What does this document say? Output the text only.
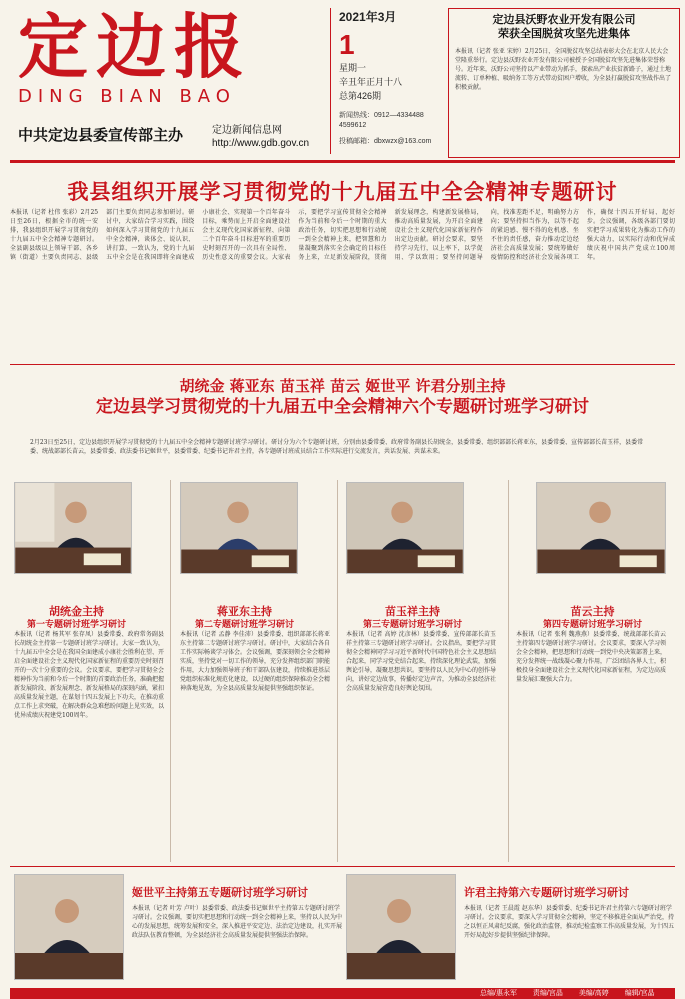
定边报
DING BIAN BAO
中共定边县委宣传部主办	定边新闻信息网
http://www.gdb.gov.cn
2021年3月
1
星期一
辛丑年正月十八
总第426期
新闻热线：0912—4334488 4599612
投稿邮箱：dbxwzx@163.com
定边县沃野农业开发有限公司
荣获全国脱贫攻坚先进集体

本报讯（记者 张亚 宋婷）2月25日，全国脱贫攻坚总结表彰大会在北京人民大会堂隆重举行。定边县沃野农业开发有限公司被授予全国脱贫攻坚先进集体荣誉称号。近年来，沃野公司坚持以产业带动为抓手，探索出产业扶贫新路子，通过土地流转、订单种植、吸纳务工等方式带动贫困户增收，为全县打赢脱贫攻坚战作出了积极贡献。

我县组织开展学习贯彻党的十九届五中全会精神专题研讨
本报讯（记者 杜伟 张彩）2月25日至26日，根据全市的统一安排，我县组织开展学习贯彻党的十九届五中全会精神专题研讨。全县副县级以上领导干部、各乡镇（街道）主要负责同志、县级部门主要负责同志参加研讨。研讨中，大家结合学习实践，围绕如何深入学习贯彻党的十九届五中全会精神，谈体会、说认识、讲打算，一致认为，党的十九届五中全会是在我国即将全面建成小康社会、实现第一个百年奋斗目标，乘势而上开启全面建设社会主义现代化国家新征程、向第二个百年奋斗目标进军的重要历史时刻召开的一次具有全局性、历史性意义的重要会议。大家表示，要把学习宣传贯彻全会精神作为当前和今后一个时期的重大政治任务，切实把思想和行动统一到全会精神上来，把智慧和力量凝聚到落实全会确定的目标任务上来，立足新发展阶段，贯彻新发展理念，构建新发展格局，推动高质量发展，为开启全面建设社会主义现代化国家新征程作出定边贡献。研讨会要求，要坚持学习先行，以上率下，以学促用、学以致用；要坚持问题导向，找准差距不足，明确努力方向；要坚持担当作为，以等不起的紧迫感、慢不得的危机感、坐不住的责任感，奋力推动定边经济社会高质量发展；要统筹做好疫情防控和经济社会发展各项工作，确保十四五开好局、起好步。会议强调，各级各部门要切实把学习成果转化为推动工作的强大动力，以实际行动和优异成绩庆祝中国共产党成立100周年。
胡统金 蒋亚东 苗玉祥 苗云 姬世平 许君分别主持
定边县学习贯彻党的十九届五中全会精神六个专题研讨班学习研讨
2月23日至25日，定边县组织开展学习贯彻党的十九届五中全会精神专题研讨班学习研讨。研讨分为六个专题研讨班，分别由县委常委、政府常务副县长胡统金，县委常委、组织部部长蒋亚东，县委常委、宣传部部长苗玉祥，县委常委、统战部部长苗云，县委常委、政法委书记姬世平，县委常委、纪委书记许君主持，各专题研讨班成员结合工作实际进行交流发言，共话发展、共谋未来。
胡统金主持
第一专题研讨班学习研讨
蒋亚东主持
第二专题研讨班学习研讨
苗玉祥主持
第三专题研讨班学习研讨
苗云主持
第四专题研讨班学习研讨
本报讯（记者 杨其军 张存凤）县委常委、政府常务副县长胡统金主持第一专题研讨班学习研讨。大家一致认为，十九届五中全会是在我国全面建成小康社会胜利在望、开启全面建设社会主义现代化国家新征程的重要历史时刻召开的一次十分重要的会议。会议要求，要把学习贯彻全会精神作为当前和今后一个时期的首要政治任务，准确把握新发展阶段、新发展理念、新发展格局的深刻内涵，紧扣高质量发展主题，在谋划十四五发展上下功夫，在推动重点工作上求突破，在解决群众急难愁盼问题上见实效，以优异成绩庆祝建党100周年。
本报讯（记者 孟静 李佳沛）县委常委、组织部部长蒋亚东主持第二专题研讨班学习研讨。研讨中，大家结合各自工作实际畅谈学习体会。会议强调，要深刻领会全会精神实质，坚持党对一切工作的领导，充分发挥组织部门职能作用，大力加强领导班子和干部队伍建设，持续推进基层党组织标准化规范化建设，以过硬的组织保障推动全会精神落地见效，为全县高质量发展提供坚强组织保证。
本报讯（记者 高婷 沈彦林）县委常委、宣传部部长苗玉祥主持第三专题研讨班学习研讨。会议指出，要把学习贯彻全会精神同学习习近平新时代中国特色社会主义思想结合起来，同学习党史结合起来，持续深化理论武装，加强舆论引导，凝聚思想共识。要坚持以人民为中心的创作导向，讲好定边故事，传播好定边声音，为推动全县经济社会高质量发展营造良好舆论氛围。
本报讯（记者 张利 魏燕燕）县委常委、统战部部长苗云主持第四专题研讨班学习研讨。会议要求，要深入学习领会全会精神，把思想和行动统一到党中央决策部署上来，充分发挥统一战线凝心聚力作用，广泛团结各界人士，积极投身全面建设社会主义现代化国家新征程，为定边高质量发展汇聚强大合力。
姬世平主持第五专题研讨班学习研讨
本报讯（记者 叶芳 卢叶）县委常委、政法委书记姬世平主持第五专题研讨班学习研讨。会议强调，要切实把思想和行动统一到全会精神上来，坚持以人民为中心的发展思想，统筹发展和安全，深入推进平安定边、法治定边建设，扎实开展政法队伍教育整顿，为全县经济社会高质量发展提供坚强法治保障。
许君主持第六专题研讨班学习研讨
本报讯（记者 王晨霞 赵东华）县委常委、纪委书记许君主持第六专题研讨班学习研讨。会议要求，要深入学习贯彻全会精神，坚定不移推进全面从严治党，持之以恒正风肃纪反腐，强化政治监督，推动纪检监察工作高质量发展，为十四五开好局起好步提供坚强纪律保障。
总编/惠永军 责编/宫晶 美编/高婷 编辑/宫晶
